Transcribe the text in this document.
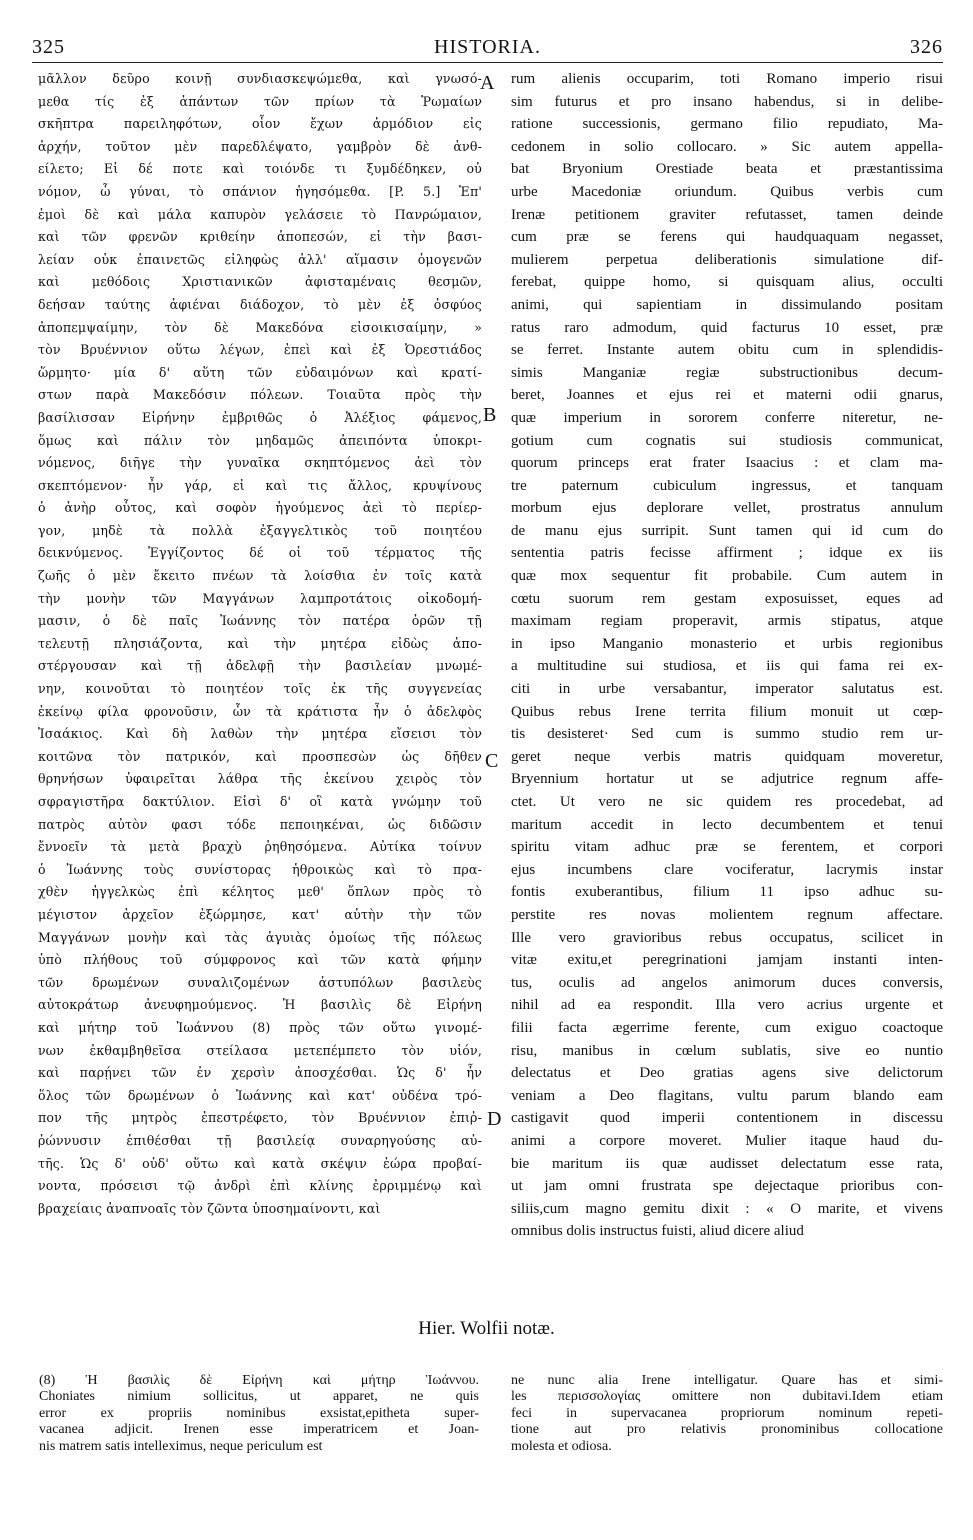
325	HISTORIA.	326
μᾶλλον δεῦρο κοινῇ συνδιασκεψώμεθα, καὶ γνωσό-
μεθα τίς ἐξ ἁπάντων τῶν πρίων τὰ Ῥωμαίων
σκῆπτρα παρειληφότων, οἷον ἔχων ἁρμόδιον εἰς
ἀρχήν, τοῦτον μὲν παρεδλέψατο, γαμβρὸν δὲ ἀνθ-
είλετο; Εἰ δέ ποτε καὶ τοιόνδε τι ξυμδέδηκεν, οὐ
νόμον, ὦ γύναι, τὸ σπάνιον ἡγησόμεθα. [P. 5.] Ἐπ'
ἐμοὶ δὲ καὶ μάλα καπυρὸν γελάσειε τὸ Πανρώμαιον,
καὶ τῶν φρενῶν κριθείην ἀποπεσών, εἰ τὴν βασι-
λείαν οὐκ ἐπαινετῶς εἰληφὼς ἀλλ' αἵμασιν ὁμογενῶν
καὶ μεθόδοις Χριστιανικῶν ἀφισταμέναις θεσμῶν,
δεήσαν ταύτης ἀφιέναι διάδοχον, τὸ μὲν ἐξ ὀσφύος
ἀποπεμψαίμην, τὸν δὲ Μακεδόνα εἰσοικισαίμην, »
τὸν Βρυέννιον οὕτω λέγων, ἐπεὶ καὶ ἐξ Ὀρεστιάδος
ὥρμητο· μία δ' αὕτη τῶν εὐδαιμόνων καὶ κρατί-
στων παρὰ Μακεδόσιν πόλεων. Τοιαῦτα πρὸς τὴν
βασίλισσαν Εἰρήνην ἐμβριθῶς ὁ Ἀλέξιος φάμενος,
ὅμως καὶ πάλιν τὸν μηδαμῶς ἀπειπόντα ὑποκρι-
νόμενος, διῆγε τὴν γυναῖκα σκηπτόμενος ἀεὶ τὸν
σκεπτόμενον· ἦν γάρ, εἰ καὶ τις ἄλλος, κρυψίνους
ὁ ἀνὴρ οὗτος, καὶ σοφὸν ἡγούμενος ἀεὶ τὸ περίερ-
γον, μηδὲ τὰ πολλὰ ἐξαγγελτικὸς τοῦ ποιητέου
δεικνύμενος. Ἐγγίζοντος δέ οἱ τοῦ τέρματος τῆς
ζωῆς ὁ μὲν ἔκειτο πνέων τὰ λοίσθια ἐν τοῖς κατὰ
τὴν μονὴν τῶν Μαγγάνων λαμπροτάτοις οἰκοδομή-
μασιν, ὁ δὲ παῖς Ἰωάννης τὸν πατέρα ὁρῶν τῇ
τελευτῇ πλησιάζοντα, καὶ τὴν μητέρα εἰδὼς ἀπο-
στέργουσαν καὶ τῇ ἀδελφῇ τὴν βασιλείαν μνωμέ-
νην, κοινοῦται τὸ ποιητέον τοῖς ἐκ τῆς συγγενείας
ἐκείνῳ φίλα φρονοῦσιν, ὧν τὰ κράτιστα ἦν ὁ ἀδελφὸς
Ἰσαάκιος. Καὶ δὴ λαθὼν τὴν μητέρα εἴσεισι τὸν
κοιτῶνα τὸν πατρικόν, καὶ προσπεσὼν ὡς δῆθεν
θρηνήσων ὑφαιρεῖται λάθρα τῆς ἐκείνου χειρὸς τὸν
σφραγιστῆρα δακτύλιον. Εἰσὶ δ' οἳ κατὰ γνώμην τοῦ
πατρὸς αὐτὸν φασι τόδε πεποιηκέναι, ὡς διδῶσιν
ἔννοεῖν τὰ μετὰ βραχὺ ῥηθησόμενα. Αὐτίκα τοίνυν
ὁ Ἰωάννης τοὺς συνίστορας ἡθροικὼς καὶ τὸ πρα-
χθὲν ἠγγελκὼς ἐπὶ κέλητος μεθ' ὅπλων πρὸς τὸ
μέγιστον ἀρχεῖον ἐξώρμησε, κατ' αὐτὴν τὴν τῶν
Μαγγάνων μονὴν καὶ τὰς ἀγυιὰς ὁμοίως τῆς πόλεως
ὑπὸ πλήθους τοῦ σύμφρονος καὶ τῶν κατὰ φήμην
τῶν δρωμένων συναλιζομένων ἀστυπόλων βασιλεὺς
αὐτοκράτωρ ἀνευφημούμενος. Ἡ βασιλὶς δὲ Εἰρήνη
καὶ μήτηρ τοῦ Ἰωάννου (8) πρὸς τῶν οὕτω γινομέ-
νων ἐκθαμβηθεῖσα στείλασα μετεπέμπετο τὸν υἱόν,
καὶ παρῄνει τῶν ἐν χερσὶν ἀποσχέσθαι. Ὡς δ' ἦν
ὅλος τῶν δρωμένων ὁ Ἰωάννης καὶ κατ' οὐδένα τρό-
πον τῆς μητρὸς ἐπεστρέφετο, τὸν Βρυέννιον ἐπιῤ-
ῥώννυσιν ἐπιθέσθαι τῇ βασιλείᾳ συναρηγούσης αὐ-
τῆς. Ὡς δ' οὐδ' οὕτω καὶ κατὰ σκέψιν ἑώρα προβαί-
νοντα, πρόσεισι τῷ ἀνδρὶ ἐπὶ κλίνης ἐρριμμένῳ καὶ
βραχείαις ἀναπνοαῖς τὸν ζῶντα ὑποσημαίνοντι, καὶ
rum alienis occuparim, toti Romano imperio risui
sim futurus et pro insano habendus, si in delibe-
ratione successionis, germano filio repudiato, Ma-
cedonem in solio collocaro. » Sic autem appella-
bat Bryonium Orestiade beata et præstantissima
urbe Macedoniæ oriundum. Quibus verbis cum
Irenæ petitionem graviter refutasset, tamen deinde
cum præ se ferens qui haudquaquam negasset,
mulierem perpetua deliberationis simulatione dif-
ferebat, quippe homo, si quisquam alius, occulti
animi, qui sapientiam in dissimulando positam
ratus raro admodum, quid facturus 10 esset, præ
se ferret. Instante autem obitu cum in splendidis-
simis Manganiæ regiæ substructionibus decum-
beret, Joannes et ejus rei et materni odii gnarus,
quæ imperium in sororem conferre niteretur, ne-
gotium cum cognatis sui studiosis communicat,
quorum princeps erat frater Isaacius : et clam ma-
tre paternum cubiculum ingressus, et tanquam
morbum ejus deplorare vellet, prostratus annulum
de manu ejus surripit. Sunt tamen qui id cum do
sententia patris fecisse affirment ; idque ex iis
quæ mox sequentur fit probabile. Cum autem in
cœtu suorum rem gestam exposuisset, eques ad
maximam regiam properavit, armis stipatus, atque
in ipso Manganio monasterio et urbis regionibus
a multitudine sui studiosa, et iis qui fama rei ex-
citi in urbe versabantur, imperator salutatus est.
Quibus rebus Irene territa filium monuit ut cœp-
tis desisteret· Sed cum is summo studio rem ur-
geret neque verbis matris quidquam moveretur,
Bryennium hortatur ut se adjutrice regnum affe-
ctet. Ut vero ne sic quidem res procedebat, ad
maritum accedit in lecto decumbentem et tenui
spiritu vitam adhuc præ se ferentem, et corpori
ejus incumbens clare vociferatur, lacrymis instar
fontis exuberantibus, filium 11 ipso adhuc su-
perstite res novas molientem regnum affectare.
Ille vero gravioribus rebus occupatus, scilicet in
vitæ exitu,et peregrinationi jamjam instanti inten-
tus, oculis ad angelos animorum duces conversis,
nihil ad ea respondit. Illa vero acrius urgente et
filii facta ægerrime ferente, cum exiguo coactoque
risu, manibus in cœlum sublatis, sive eo nuntio
delectatus et Deo gratias agens sive delictorum
veniam a Deo flagitans, vultu parum blando eam
castigavit quod imperii contentionem in discessu
animi a corpore moveret. Mulier itaque haud du-
bie maritum iis quæ audisset delectatum esse rata,
ut jam omni frustrata spe dejectaque prioribus con-
siliis,cum magno gemitu dixit : « O marite, et vivens
omnibus dolis instructus fuisti, aliud dicere aliud
A
B
C
D
Hier. Wolfii notæ.
(8) Ἡ βασιλὶς δὲ Εἰρήνη καὶ μήτηρ Ἰωάννου.
Choniates nimium sollicitus, ut apparet, ne quis
error ex propriis nominibus exsistat,epitheta super-
vacanea adjicit. Irenen esse imperatricem et Joan-
nis matrem satis intelleximus, neque periculum est
ne nunc alia Irene intelligatur. Quare has et simi-
les περισσολογίας omittere non dubitavi.Idem etiam
feci in supervacanea propriorum nominum repeti-
tione aut pro relativis pronominibus collocatione
molesta et odiosa.
